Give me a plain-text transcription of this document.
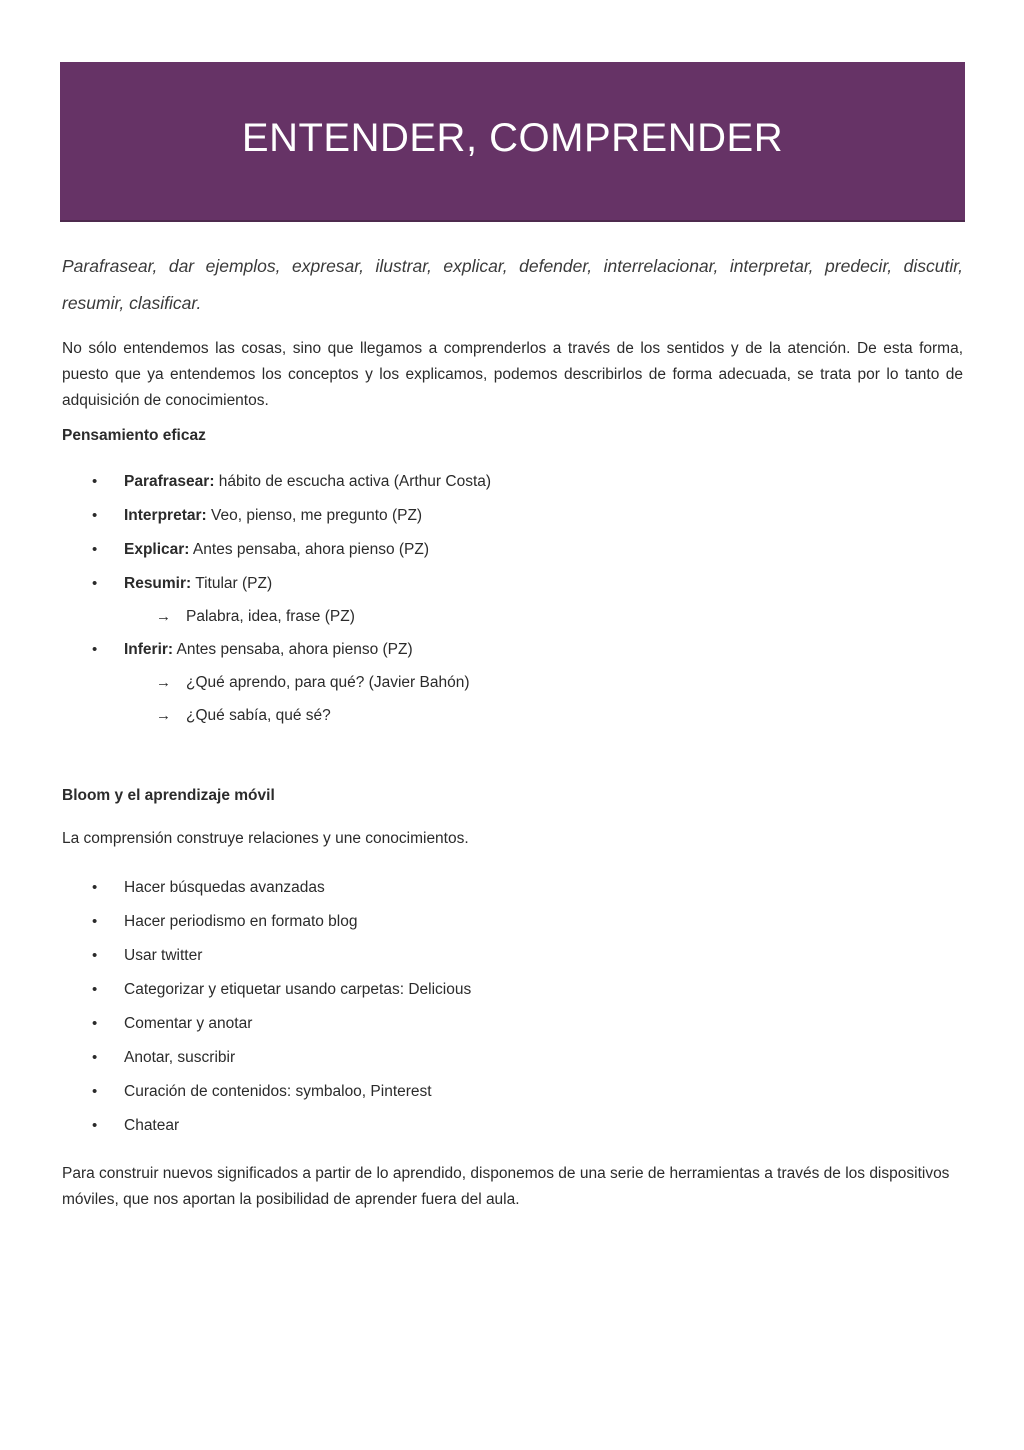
ENTENDER, COMPRENDER

Parafrasear, dar ejemplos, expresar, ilustrar, explicar, defender, interrelacionar, interpretar, predecir, discutir, resumir, clasificar.

No sólo entendemos las cosas, sino que llegamos a comprenderlos a través de los sentidos y de la atención. De esta forma, puesto que ya entendemos los conceptos y los explicamos, podemos describirlos de forma adecuada, se trata por lo tanto de adquisición de conocimientos.

Pensamiento eficaz

• Parafrasear: hábito de escucha activa (Arthur Costa)
• Interpretar: Veo, pienso, me pregunto (PZ)
• Explicar: Antes pensaba, ahora pienso (PZ)
• Resumir: Titular (PZ)
→ Palabra, idea, frase (PZ)
• Inferir: Antes pensaba, ahora pienso (PZ)
→ ¿Qué aprendo, para qué? (Javier Bahón)
→ ¿Qué sabía, qué sé?

Bloom y el aprendizaje móvil

La comprensión construye relaciones y une conocimientos.

• Hacer búsquedas avanzadas
• Hacer periodismo en formato blog
• Usar twitter
• Categorizar y etiquetar usando carpetas: Delicious
• Comentar y anotar
• Anotar, suscribir
• Curación de contenidos: symbaloo, Pinterest
• Chatear

Para construir nuevos significados a partir de lo aprendido, disponemos de una serie de herramientas a través de los dispositivos móviles, que nos aportan la posibilidad de aprender fuera del aula.
